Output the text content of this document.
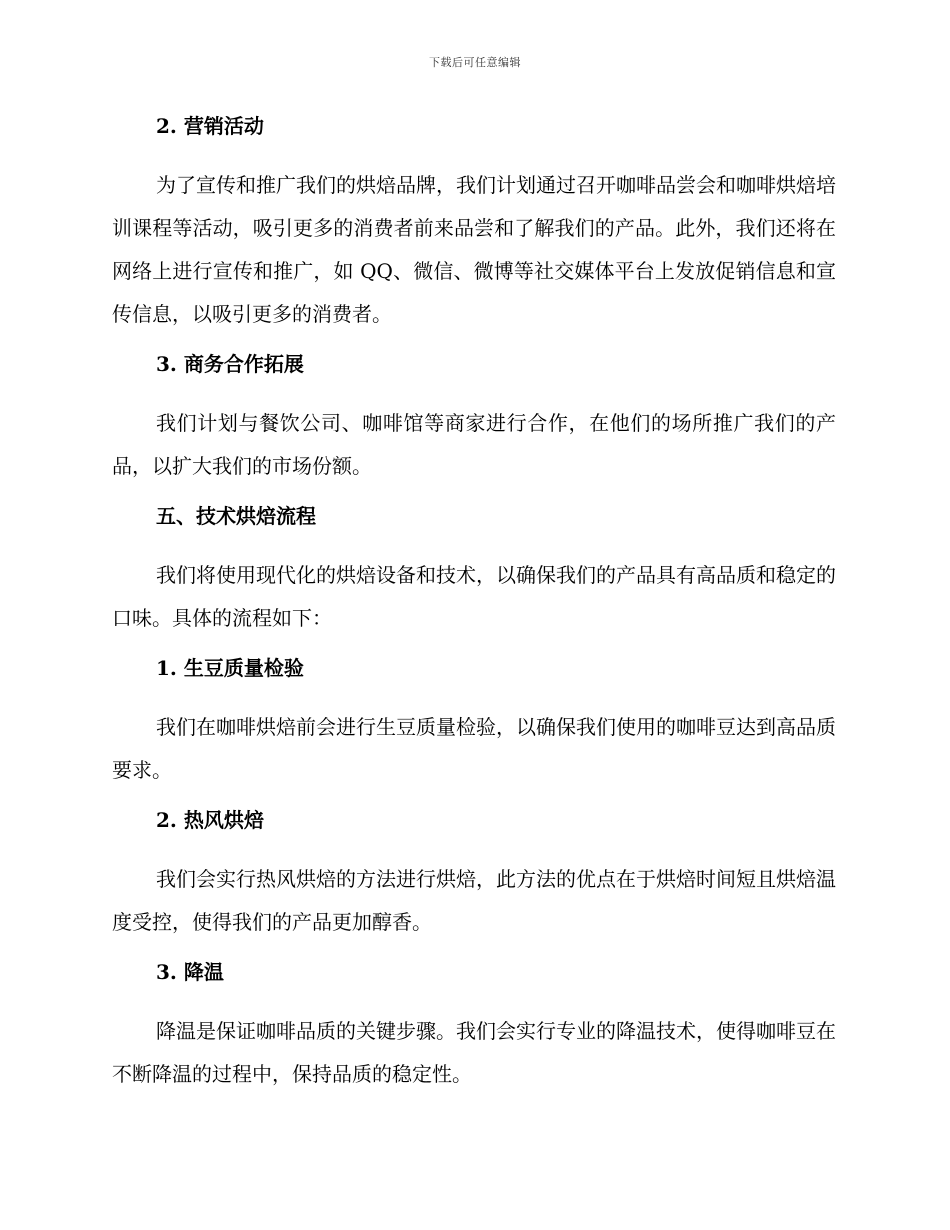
下载后可任意编辑
2. 营销活动

为了宣传和推广我们的烘焙品牌，我们计划通过召开咖啡品尝会和咖啡烘焙培训课程等活动，吸引更多的消费者前来品尝和了解我们的产品。此外，我们还将在网络上进行宣传和推广，如 QQ、微信、微博等社交媒体平台上发放促销信息和宣传信息，以吸引更多的消费者。

3. 商务合作拓展

我们计划与餐饮公司、咖啡馆等商家进行合作，在他们的场所推广我们的产品，以扩大我们的市场份额。

五、技术烘焙流程

我们将使用现代化的烘焙设备和技术，以确保我们的产品具有高品质和稳定的口味。具体的流程如下：

1. 生豆质量检验

我们在咖啡烘焙前会进行生豆质量检验，以确保我们使用的咖啡豆达到高品质要求。

2. 热风烘焙

我们会实行热风烘焙的方法进行烘焙，此方法的优点在于烘焙时间短且烘焙温度受控，使得我们的产品更加醇香。

3. 降温

降温是保证咖啡品质的关键步骤。我们会实行专业的降温技术，使得咖啡豆在不断降温的过程中，保持品质的稳定性。
